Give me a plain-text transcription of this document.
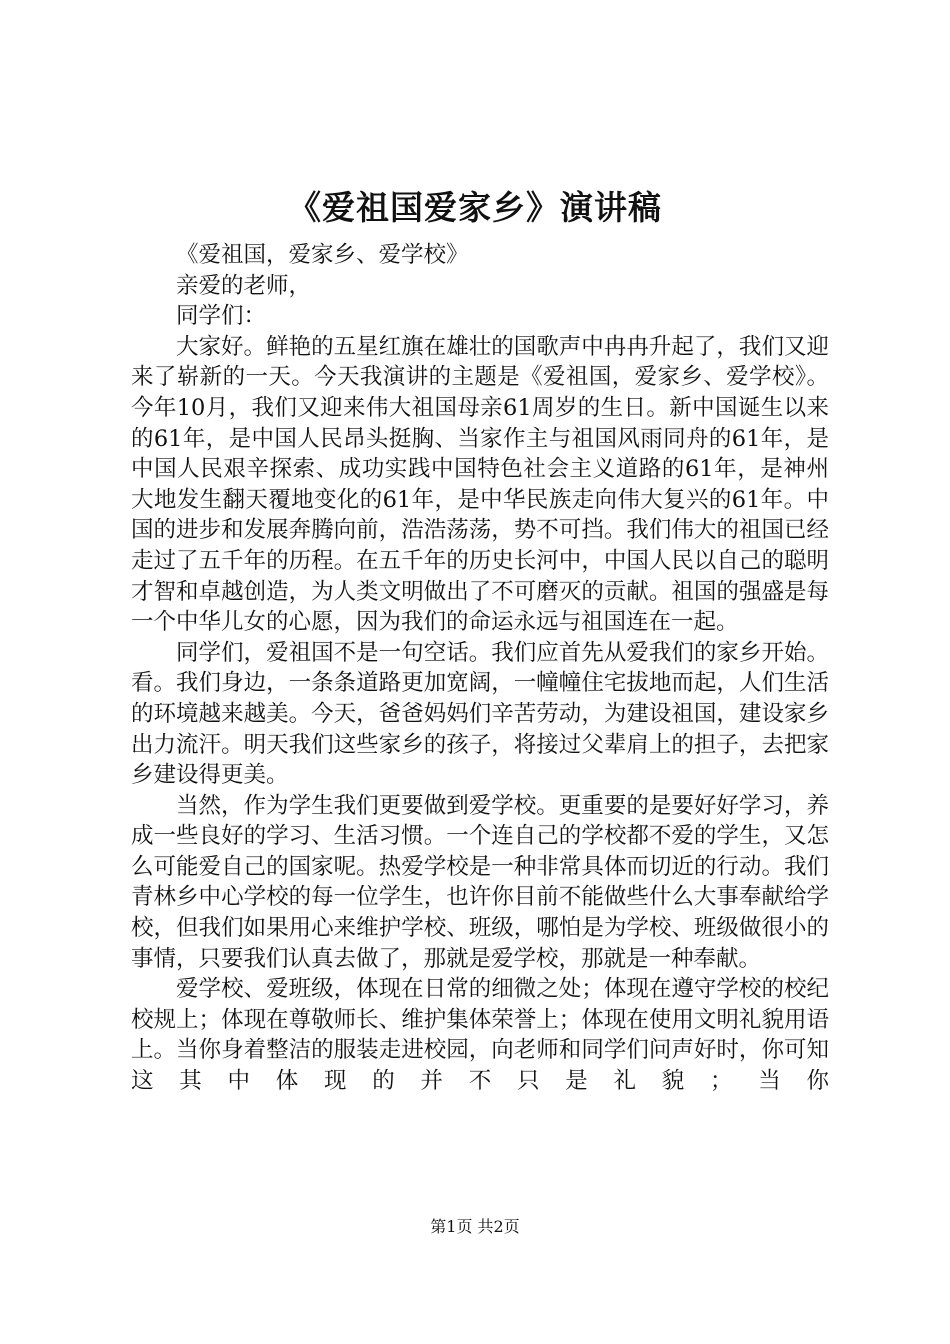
《爱祖国爱家乡》演讲稿

《爱祖国，爱家乡、爱学校》

亲爱的老师，

同学们：

大家好。鲜艳的五星红旗在雄壮的国歌声中冉冉升起了，我们又迎来了崭新的一天。今天我演讲的主题是《爱祖国，爱家乡、爱学校》。今年10月，我们又迎来伟大祖国母亲61周岁的生日。新中国诞生以来的61年，是中国人民昂头挺胸、当家作主与祖国风雨同舟的61年，是中国人民艰辛探索、成功实践中国特色社会主义道路的61年，是神州大地发生翻天覆地变化的61年，是中华民族走向伟大复兴的61年。中国的进步和发展奔腾向前，浩浩荡荡，势不可挡。我们伟大的祖国已经走过了五千年的历程。在五千年的历史长河中，中国人民以自己的聪明才智和卓越创造，为人类文明做出了不可磨灭的贡献。祖国的强盛是每一个中华儿女的心愿，因为我们的命运永远与祖国连在一起。

同学们，爱祖国不是一句空话。我们应首先从爱我们的家乡开始。看。我们身边，一条条道路更加宽阔，一幢幢住宅拔地而起，人们生活的环境越来越美。今天，爸爸妈妈们辛苦劳动，为建设祖国，建设家乡出力流汗。明天我们这些家乡的孩子，将接过父辈肩上的担子，去把家乡建设得更美。

当然，作为学生我们更要做到爱学校。更重要的是要好好学习，养成一些良好的学习、生活习惯。一个连自己的学校都不爱的学生，又怎么可能爱自己的国家呢。热爱学校是一种非常具体而切近的行动。我们青林乡中心学校的每一位学生，也许你目前不能做些什么大事奉献给学校，但我们如果用心来维护学校、班级，哪怕是为学校、班级做很小的事情，只要我们认真去做了，那就是爱学校，那就是一种奉献。

爱学校、爱班级，体现在日常的细微之处；体现在遵守学校的校纪校规上；体现在尊敬师长、维护集体荣誉上；体现在使用文明礼貌用语上。当你身着整洁的服装走进校园，向老师和同学们问声好时，你可知这其中体现的并不只是礼貌；当你

第1页 共2页
